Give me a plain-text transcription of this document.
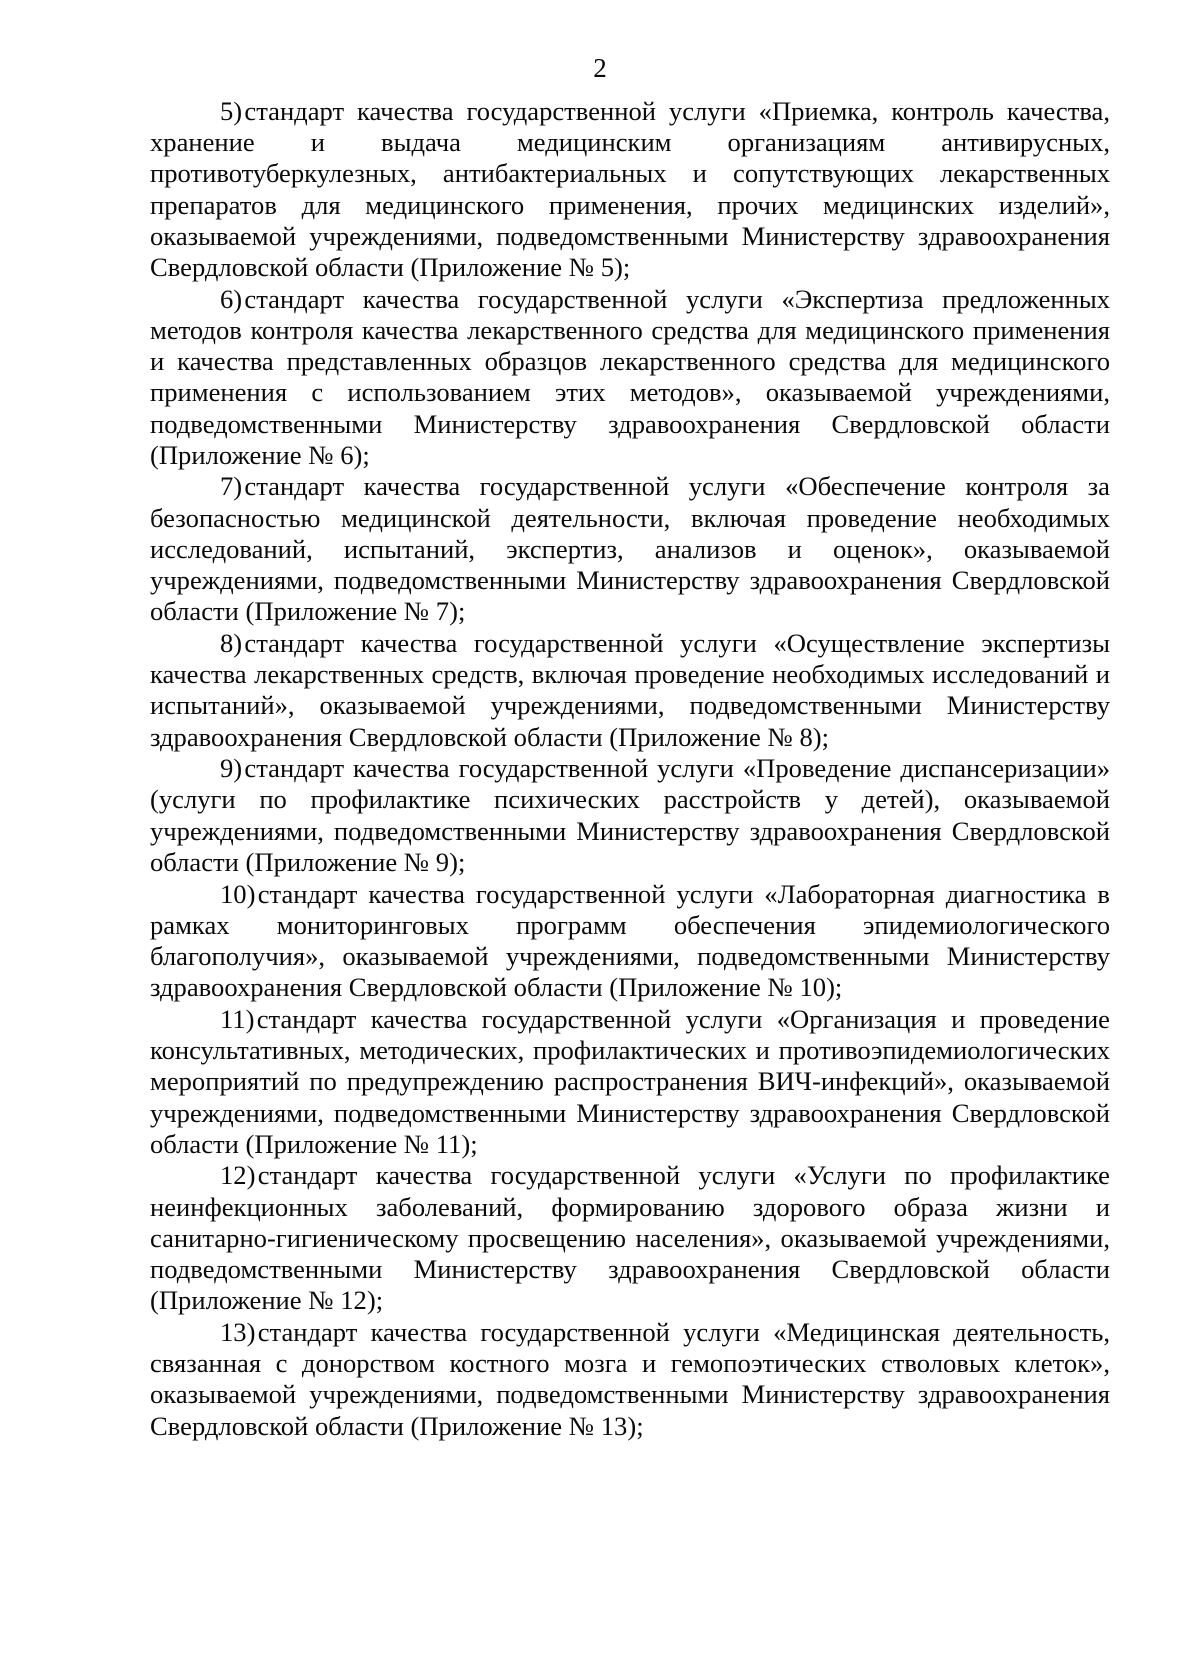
2

5) стандарт качества государственной услуги «Приемка, контроль качества, хранение и выдача медицинским организациям антивирусных, противотуберкулезных, антибактериальных и сопутствующих лекарственных препаратов для медицинского применения, прочих медицинских изделий», оказываемой учреждениями, подведомственными Министерству здравоохранения Свердловской области (Приложение № 5);

6) стандарт качества государственной услуги «Экспертиза предложенных методов контроля качества лекарственного средства для медицинского применения и качества представленных образцов лекарственного средства для медицинского применения с использованием этих методов», оказываемой учреждениями, подведомственными Министерству здравоохранения Свердловской области (Приложение № 6);

7) стандарт качества государственной услуги «Обеспечение контроля за безопасностью медицинской деятельности, включая проведение необходимых исследований, испытаний, экспертиз, анализов и оценок», оказываемой учреждениями, подведомственными Министерству здравоохранения Свердловской области (Приложение № 7);

8) стандарт качества государственной услуги «Осуществление экспертизы качества лекарственных средств, включая проведение необходимых исследований и испытаний», оказываемой учреждениями, подведомственными Министерству здравоохранения Свердловской области (Приложение № 8);

9) стандарт качества государственной услуги «Проведение диспансеризации» (услуги по профилактике психических расстройств у детей), оказываемой учреждениями, подведомственными Министерству здравоохранения Свердловской области (Приложение № 9);

10) стандарт качества государственной услуги «Лабораторная диагностика в рамках мониторинговых программ обеспечения эпидемиологического благополучия», оказываемой учреждениями, подведомственными Министерству здравоохранения Свердловской области (Приложение № 10);

11) стандарт качества государственной услуги «Организация и проведение консультативных, методических, профилактических и противоэпидемиологических мероприятий по предупреждению распространения ВИЧ-инфекций», оказываемой учреждениями, подведомственными Министерству здравоохранения Свердловской области (Приложение № 11);

12) стандарт качества государственной услуги «Услуги по профилактике неинфекционных заболеваний, формированию здорового образа жизни и санитарно-гигиеническому просвещению населения», оказываемой учреждениями, подведомственными Министерству здравоохранения Свердловской области (Приложение № 12);

13) стандарт качества государственной услуги «Медицинская деятельность, связанная с донорством костного мозга и гемопоэтических стволовых клеток», оказываемой учреждениями, подведомственными Министерству здравоохранения Свердловской области (Приложение № 13);
